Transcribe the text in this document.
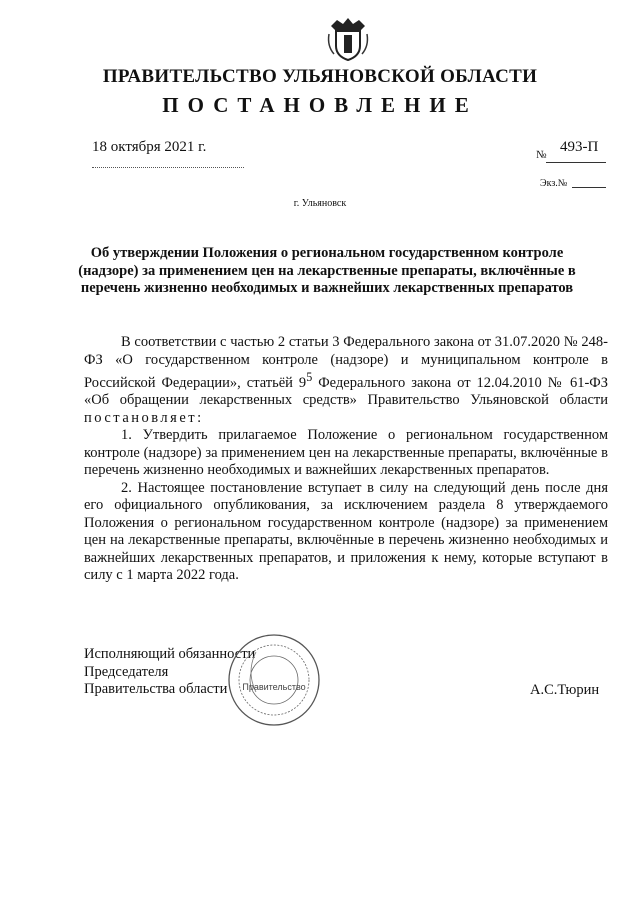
ПРАВИТЕЛЬСТВО УЛЬЯНОВСКОЙ ОБЛАСТИ
ПОСТАНОВЛЕНИЕ
18 октября 2021 г.	№ 493-П
Экз.№
г. Ульяновск
Об утверждении Положения о региональном государственном контроле (надзоре) за применением цен на лекарственные препараты, включённые в перечень жизненно необходимых и важнейших лекарственных препаратов

В соответствии с частью 2 статьи 3 Федерального закона от 31.07.2020 № 248-ФЗ «О государственном контроле (надзоре) и муниципальном контроле в Российской Федерации», статьёй $9^5$ Федерального закона от 12.04.2010 № 61-ФЗ «Об обращении лекарственных средств» Правительство Ульяновской области постановляет:

1. Утвердить прилагаемое Положение о региональном государственном контроле (надзоре) за применением цен на лекарственные препараты, включённые в перечень жизненно необходимых и важнейших лекарственных препаратов.

2. Настоящее постановление вступает в силу на следующий день после дня его официального опубликования, за исключением раздела 8 утверждаемого Положения о региональном государственном контроле (надзоре) за применением цен на лекарственные препараты, включённые в перечень жизненно необходимых и важнейших лекарственных препаратов, и приложения к нему, которые вступают в силу с 1 марта 2022 года.

Исполняющий обязанности
Председателя
Правительства области	Правительство	А.С.Тюрин
